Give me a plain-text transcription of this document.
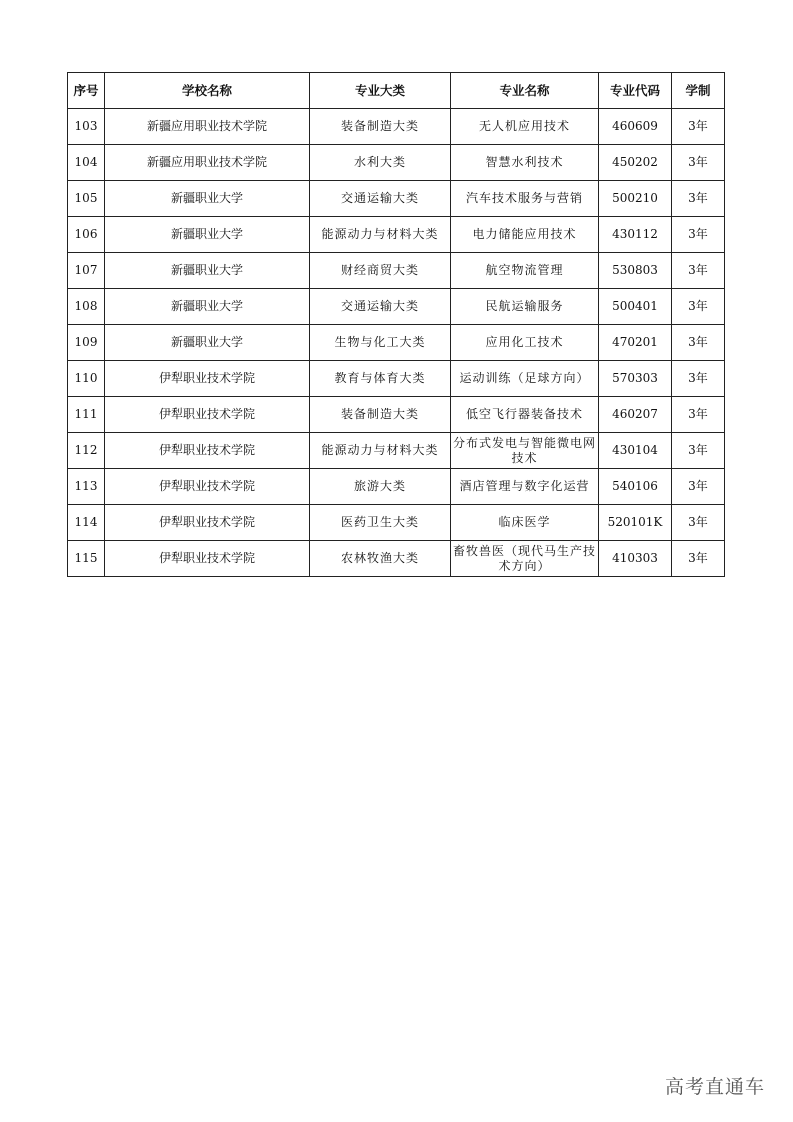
序号	学校名称	专业大类	专业名称	专业代码	学制
103	新疆应用职业技术学院	装备制造大类	无人机应用技术	460609	3年
104	新疆应用职业技术学院	水利大类	智慧水利技术	450202	3年
105	新疆职业大学	交通运输大类	汽车技术服务与营销	500210	3年
106	新疆职业大学	能源动力与材料大类	电力储能应用技术	430112	3年
107	新疆职业大学	财经商贸大类	航空物流管理	530803	3年
108	新疆职业大学	交通运输大类	民航运输服务	500401	3年
109	新疆职业大学	生物与化工大类	应用化工技术	470201	3年
110	伊犁职业技术学院	教育与体育大类	运动训练（足球方向）	570303	3年
111	伊犁职业技术学院	装备制造大类	低空飞行器装备技术	460207	3年
112	伊犁职业技术学院	能源动力与材料大类	分布式发电与智能微电网技术	430104	3年
113	伊犁职业技术学院	旅游大类	酒店管理与数字化运营	540106	3年
114	伊犁职业技术学院	医药卫生大类	临床医学	520101K	3年
115	伊犁职业技术学院	农林牧渔大类	畜牧兽医（现代马生产技术方向）	410303	3年
高考直通车
